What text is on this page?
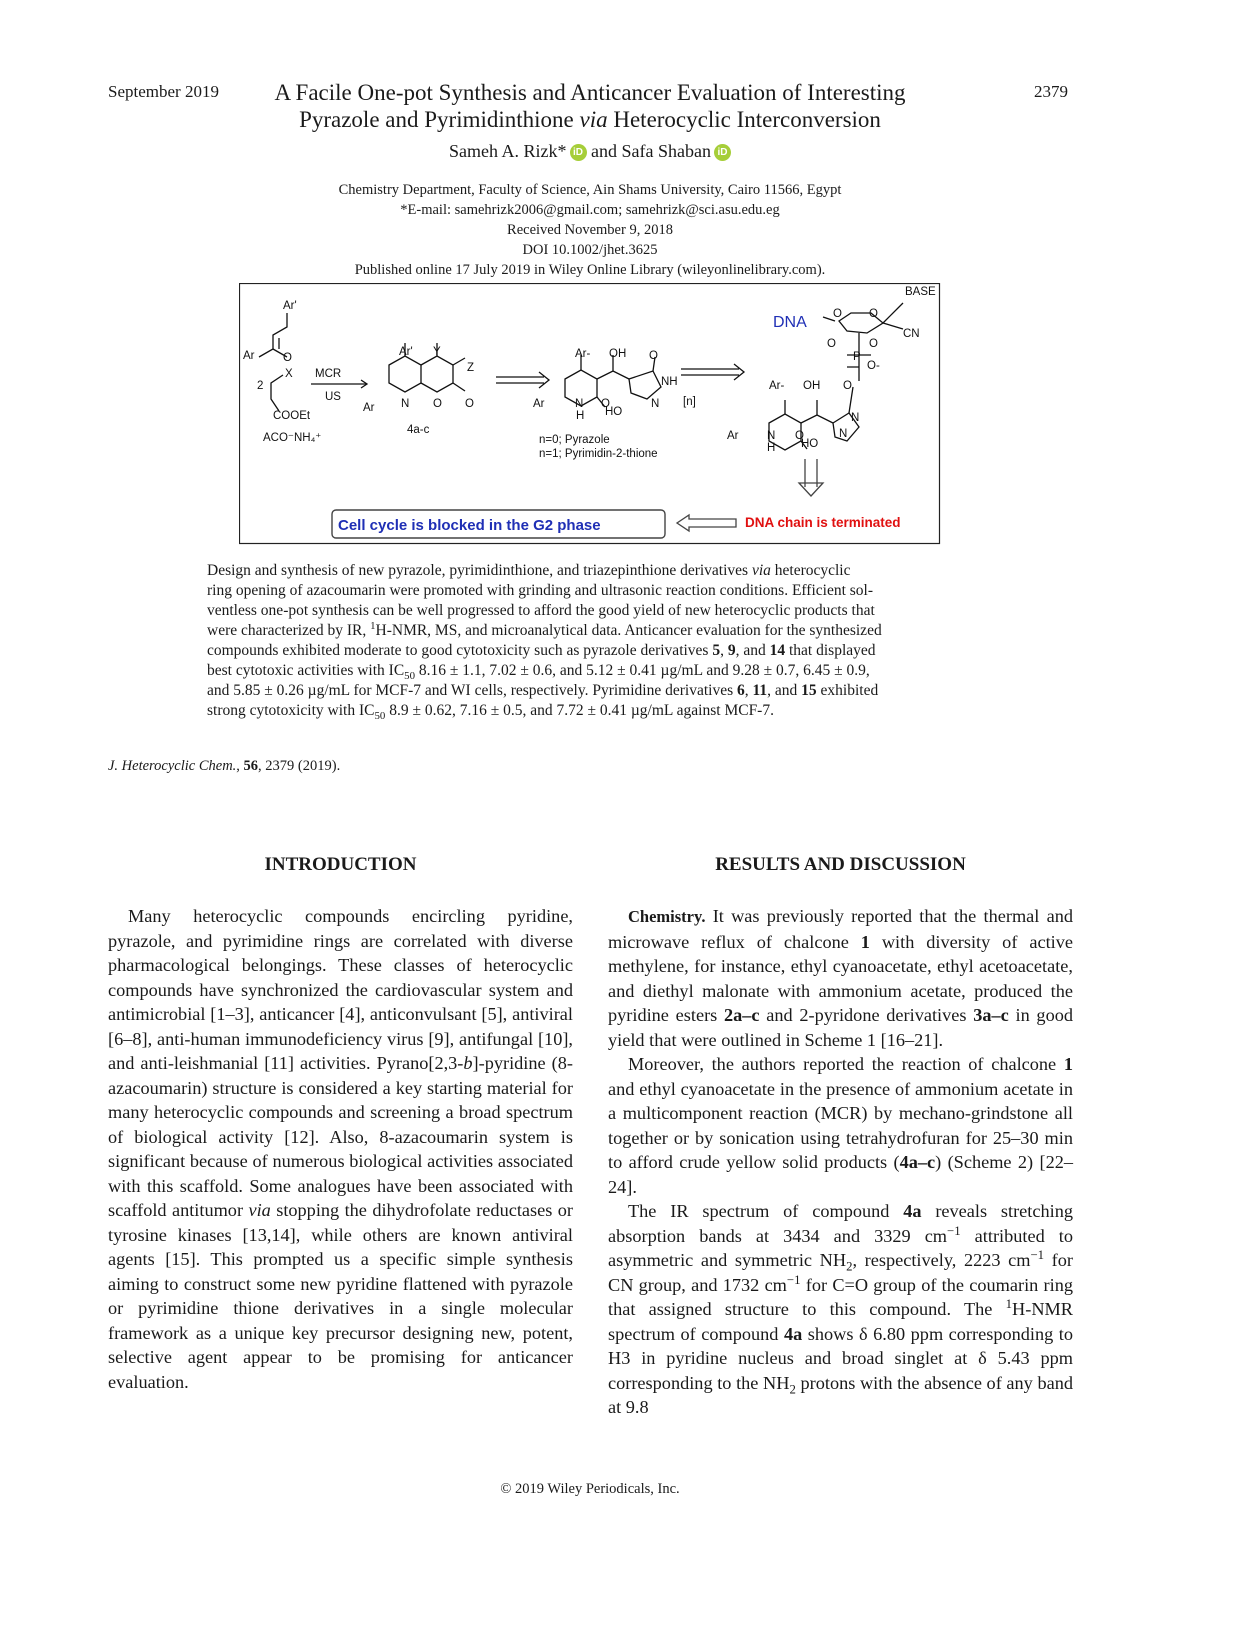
September 2019	2379
A Facile One-pot Synthesis and Anticancer Evaluation of Interesting
Pyrazole and Pyrimidinthione via Heterocyclic Interconversion
Sameh A. Rizk* iD and Safa Shaban iD
Chemistry Department, Faculty of Science, Ain Shams University, Cairo 11566, Egypt
*E-mail: samehrizk2006@gmail.com; samehrizk@sci.asu.edu.eg
Received November 9, 2018
DOI 10.1002/jhet.3625
Published online 17 July 2019 in Wiley Online Library (wileyonlinelibrary.com).
Ar'
Ar O
2
X
COOEt
ACO⁻NH₄⁺
MCR
US
Ar' Y
Z
Ar N O O
4a-c
Ar- OH O
NH
Ar	N
H
O
HO
N [n]
n=0; Pyrazole
n=1; Pyrimidin-2-thione
BASE
O O
CN
O	O
P
O-
O
Ar- OH
Ar N
H
O
HO
N
N
DNA
Cell cycle is blocked in the G2 phase	DNA chain is terminated
Design and synthesis of new pyrazole, pyrimidinthione, and triazepinthione derivatives via heterocyclic
ring opening of azacoumarin were promoted with grinding and ultrasonic reaction conditions. Efficient sol-
ventless one-pot synthesis can be well progressed to afford the good yield of new heterocyclic products that
were characterized by IR, $^1$H-NMR, MS, and microanalytical data. Anticancer evaluation for the synthesized
compounds exhibited moderate to good cytotoxicity such as pyrazole derivatives 5, 9, and 14 that displayed
best cytotoxic activities with $IC_{50}$ 8.16 ± 1.1, 7.02 ± 0.6, and 5.12 ± 0.41 µg/mL and 9.28 ± 0.7, 6.45 ± 0.9,
and 5.85 ± 0.26 µg/mL for MCF-7 and WI cells, respectively. Pyrimidine derivatives 6, 11, and 15 exhibited
strong cytotoxicity with $IC_{50}$ 8.9 ± 0.62, 7.16 ± 0.5, and 7.72 ± 0.41 µg/mL against MCF-7.
J. Heterocyclic Chem., 56, 2379 (2019).
INTRODUCTION

Many heterocyclic compounds encircling pyridine, pyrazole, and pyrimidine rings are correlated with diverse pharmacological belongings. These classes of heterocyclic compounds have synchronized the cardiovascular system and antimicrobial [1–3], anticancer [4], anticonvulsant [5], antiviral [6–8], anti-human immunodeficiency virus [9], antifungal [10], and anti-leishmanial [11] activities. Pyrano[2,3-b]-pyridine (8-azacoumarin) structure is considered a key starting material for many heterocyclic compounds and screening a broad spectrum of biological activity [12]. Also, 8-azacoumarin system is significant because of numerous biological activities associated with this scaffold. Some analogues have been associated with scaffold antitumor via stopping the dihydrofolate reductases or tyrosine kinases [13,14], while others are known antiviral agents [15]. This prompted us a specific simple synthesis aiming to construct some new pyridine flattened with pyrazole or pyrimidine thione derivatives in a single molecular framework as a unique key precursor designing new, potent, selective agent appear to be promising for anticancer evaluation.

RESULTS AND DISCUSSION

Chemistry. It was previously reported that the thermal and microwave reflux of chalcone 1 with diversity of active methylene, for instance, ethyl cyanoacetate, ethyl acetoacetate, and diethyl malonate with ammonium acetate, produced the pyridine esters 2a–c and 2-pyridone derivatives 3a–c in good yield that were outlined in Scheme 1 [16–21].

Moreover, the authors reported the reaction of chalcone 1 and ethyl cyanoacetate in the presence of ammonium acetate in a multicomponent reaction (MCR) by mechano-grindstone all together or by sonication using tetrahydrofuran for 25–30 min to afford crude yellow solid products (4a–c) (Scheme 2) [22–24].

The IR spectrum of compound 4a reveals stretching absorption bands at 3434 and 3329 $cm^{-1}$ attributed to asymmetric and symmetric $NH_2$, respectively, 2223 $cm^{-1}$ for CN group, and 1732 $cm^{-1}$ for C=O group of the coumarin ring that assigned structure to this compound. The $^1$H-NMR spectrum of compound 4a shows δ 6.80 ppm corresponding to H3 in pyridine nucleus and broad singlet at δ 5.43 ppm corresponding to the $NH_2$ protons with the absence of any band at 9.8

© 2019 Wiley Periodicals, Inc.
